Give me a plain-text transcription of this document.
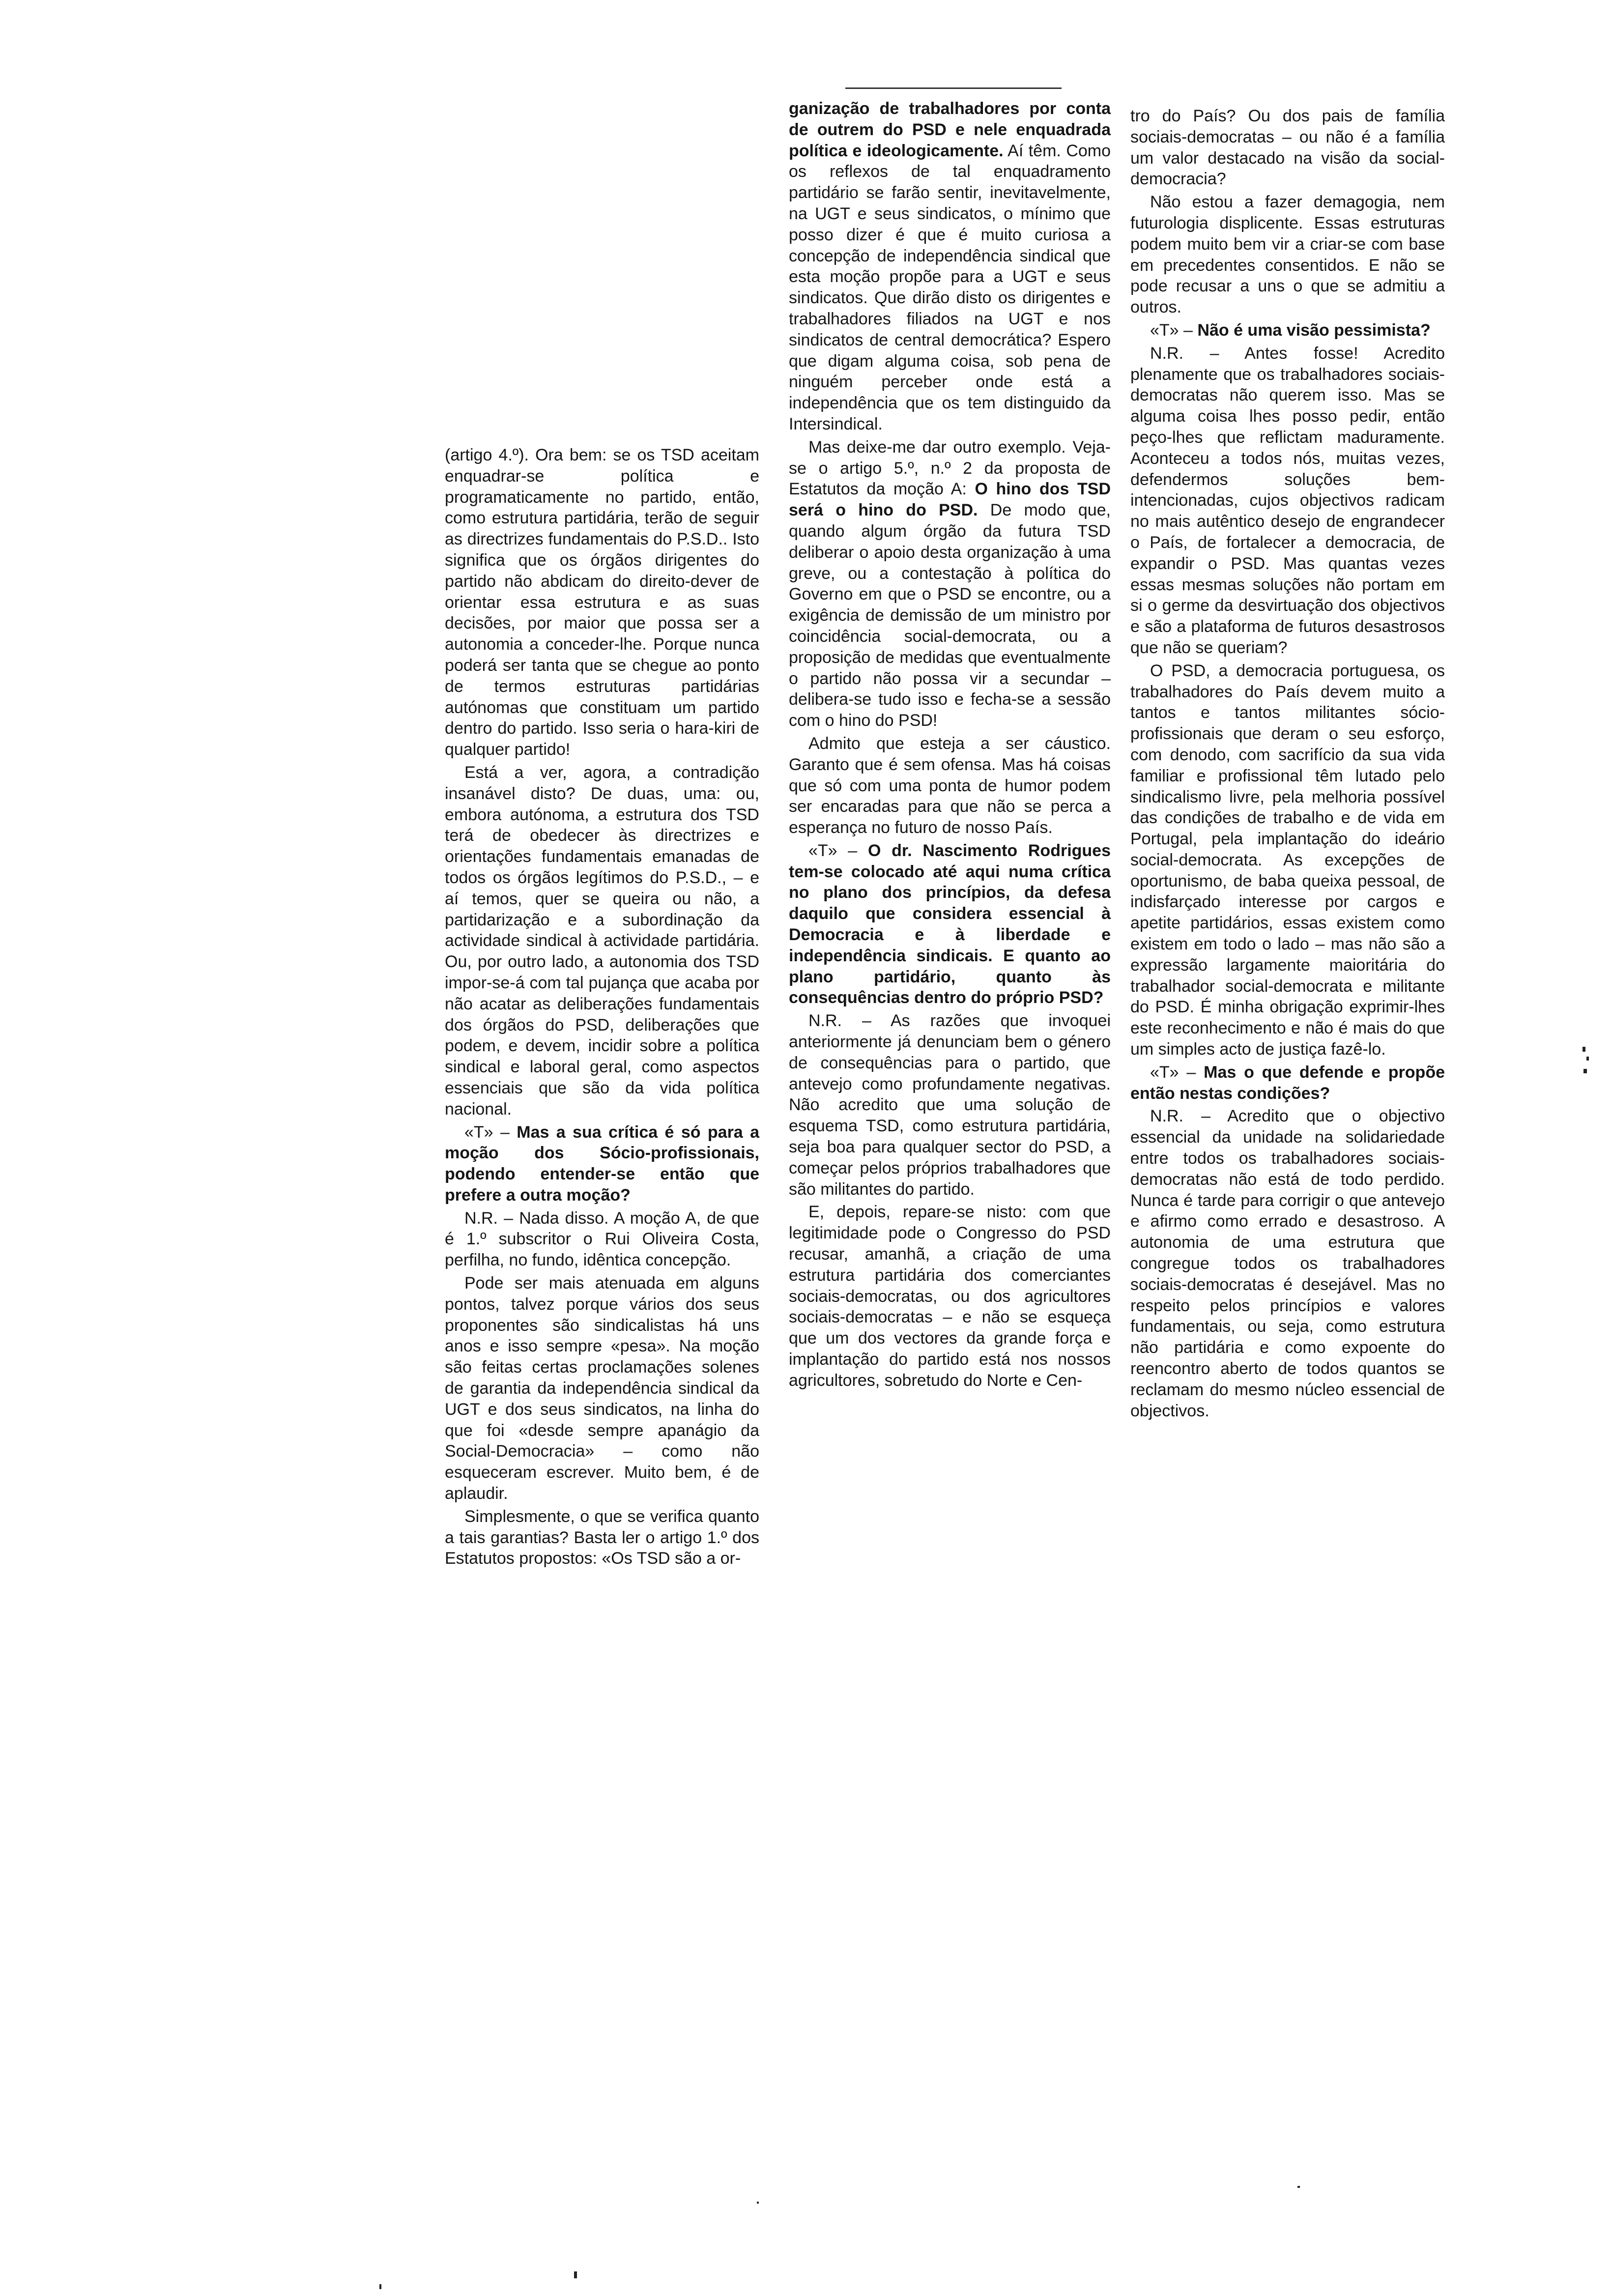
(artigo 4.º). Ora bem: se os TSD aceitam enquadrar-se política e programaticamente no partido, então, como estrutura partidária, terão de seguir as directrizes fundamentais do P.S.D.. Isto significa que os órgãos dirigentes do partido não abdicam do direito-dever de orientar essa estrutura e as suas decisões, por maior que possa ser a autonomia a conceder-lhe. Porque nunca poderá ser tanta que se chegue ao ponto de termos estruturas partidárias autónomas que constituam um partido dentro do partido. Isso seria o hara-kiri de qualquer partido!

Está a ver, agora, a contradição insanável disto? De duas, uma: ou, embora autónoma, a estrutura dos TSD terá de obedecer às directrizes e orientações fundamentais emanadas de todos os órgãos legítimos do P.S.D., – e aí temos, quer se queira ou não, a partidarização e a subordinação da actividade sindical à actividade partidária. Ou, por outro lado, a autonomia dos TSD impor-se-á com tal pujança que acaba por não acatar as deliberações fundamentais dos órgãos do PSD, deliberações que podem, e devem, incidir sobre a política sindical e laboral geral, como aspectos essenciais que são da vida política nacional.

«T» – Mas a sua crítica é só para a moção dos Sócio-profissionais, podendo entender-se então que prefere a outra moção?

N.R. – Nada disso. A moção A, de que é 1.º subscritor o Rui Oliveira Costa, perfilha, no fundo, idêntica concepção.

Pode ser mais atenuada em alguns pontos, talvez porque vários dos seus proponentes são sindicalistas há uns anos e isso sempre «pesa». Na moção são feitas certas proclamações solenes de garantia da independência sindical da UGT e dos seus sindicatos, na linha do que foi «desde sempre apanágio da Social-Democracia» – como não esqueceram escrever. Muito bem, é de aplaudir.

Simplesmente, o que se verifica quanto a tais garantias? Basta ler o artigo 1.º dos Estatutos propostos: «Os TSD são a or-

ganização de trabalhadores por conta de outrem do PSD e nele enquadrada política e ideologicamente. Aí têm. Como os reflexos de tal enquadramento partidário se farão sentir, inevitavelmente, na UGT e seus sindicatos, o mínimo que posso dizer é que é muito curiosa a concepção de independência sindical que esta moção propõe para a UGT e seus sindicatos. Que dirão disto os dirigentes e trabalhadores filiados na UGT e nos sindicatos de central democrática? Espero que digam alguma coisa, sob pena de ninguém perceber onde está a independência que os tem distinguido da Intersindical.

Mas deixe-me dar outro exemplo. Veja-se o artigo 5.º, n.º 2 da proposta de Estatutos da moção A: O hino dos TSD será o hino do PSD. De modo que, quando algum órgão da futura TSD deliberar o apoio desta organização à uma greve, ou a contestação à política do Governo em que o PSD se encontre, ou a exigência de demissão de um ministro por coincidência social-democrata, ou a proposição de medidas que eventualmente o partido não possa vir a secundar – delibera-se tudo isso e fecha-se a sessão com o hino do PSD!

Admito que esteja a ser cáustico. Garanto que é sem ofensa. Mas há coisas que só com uma ponta de humor podem ser encaradas para que não se perca a esperança no futuro de nosso País.

«T» – O dr. Nascimento Rodrigues tem-se colocado até aqui numa crítica no plano dos princípios, da defesa daquilo que considera essencial à Democracia e à liberdade e independência sindicais. E quanto ao plano partidário, quanto às consequências dentro do próprio PSD?

N.R. – As razões que invoquei anteriormente já denunciam bem o género de consequências para o partido, que antevejo como profundamente negativas. Não acredito que uma solução de esquema TSD, como estrutura partidária, seja boa para qualquer sector do PSD, a começar pelos próprios trabalhadores que são militantes do partido.

E, depois, repare-se nisto: com que legitimidade pode o Congresso do PSD recusar, amanhã, a criação de uma estrutura partidária dos comerciantes sociais-democratas, ou dos agricultores sociais-democratas – e não se esqueça que um dos vectores da grande força e implantação do partido está nos nossos agricultores, sobretudo do Norte e Cen-

tro do País? Ou dos pais de família sociais-democratas – ou não é a família um valor destacado na visão da social-democracia?

Não estou a fazer demagogia, nem futurologia displicente. Essas estruturas podem muito bem vir a criar-se com base em precedentes consentidos. E não se pode recusar a uns o que se admitiu a outros.

«T» – Não é uma visão pessimista?

N.R. – Antes fosse! Acredito plenamente que os trabalhadores sociais-democratas não querem isso. Mas se alguma coisa lhes posso pedir, então peço-lhes que reflictam maduramente. Aconteceu a todos nós, muitas vezes, defendermos soluções bem-intencionadas, cujos objectivos radicam no mais autêntico desejo de engrandecer o País, de fortalecer a democracia, de expandir o PSD. Mas quantas vezes essas mesmas soluções não portam em si o germe da desvirtuação dos objectivos e são a plataforma de futuros desastrosos que não se queriam?

O PSD, a democracia portuguesa, os trabalhadores do País devem muito a tantos e tantos militantes sócio-profissionais que deram o seu esforço, com denodo, com sacrifício da sua vida familiar e profissional têm lutado pelo sindicalismo livre, pela melhoria possível das condições de trabalho e de vida em Portugal, pela implantação do ideário social-democrata. As excepções de oportunismo, de baba queixa pessoal, de indisfarçado interesse por cargos e apetite partidários, essas existem como existem em todo o lado – mas não são a expressão largamente maioritária do trabalhador social-democrata e militante do PSD. É minha obrigação exprimir-lhes este reconhecimento e não é mais do que um simples acto de justiça fazê-lo.

«T» – Mas o que defende e propõe então nestas condições?

N.R. – Acredito que o objectivo essencial da unidade na solidariedade entre todos os trabalhadores sociais-democratas não está de todo perdido. Nunca é tarde para corrigir o que antevejo e afirmo como errado e desastroso. A autonomia de uma estrutura que congregue todos os trabalhadores sociais-democratas é desejável. Mas no respeito pelos princípios e valores fundamentais, ou seja, como estrutura não partidária e como expoente do reencontro aberto de todos quantos se reclamam do mesmo núcleo essencial de objectivos.
